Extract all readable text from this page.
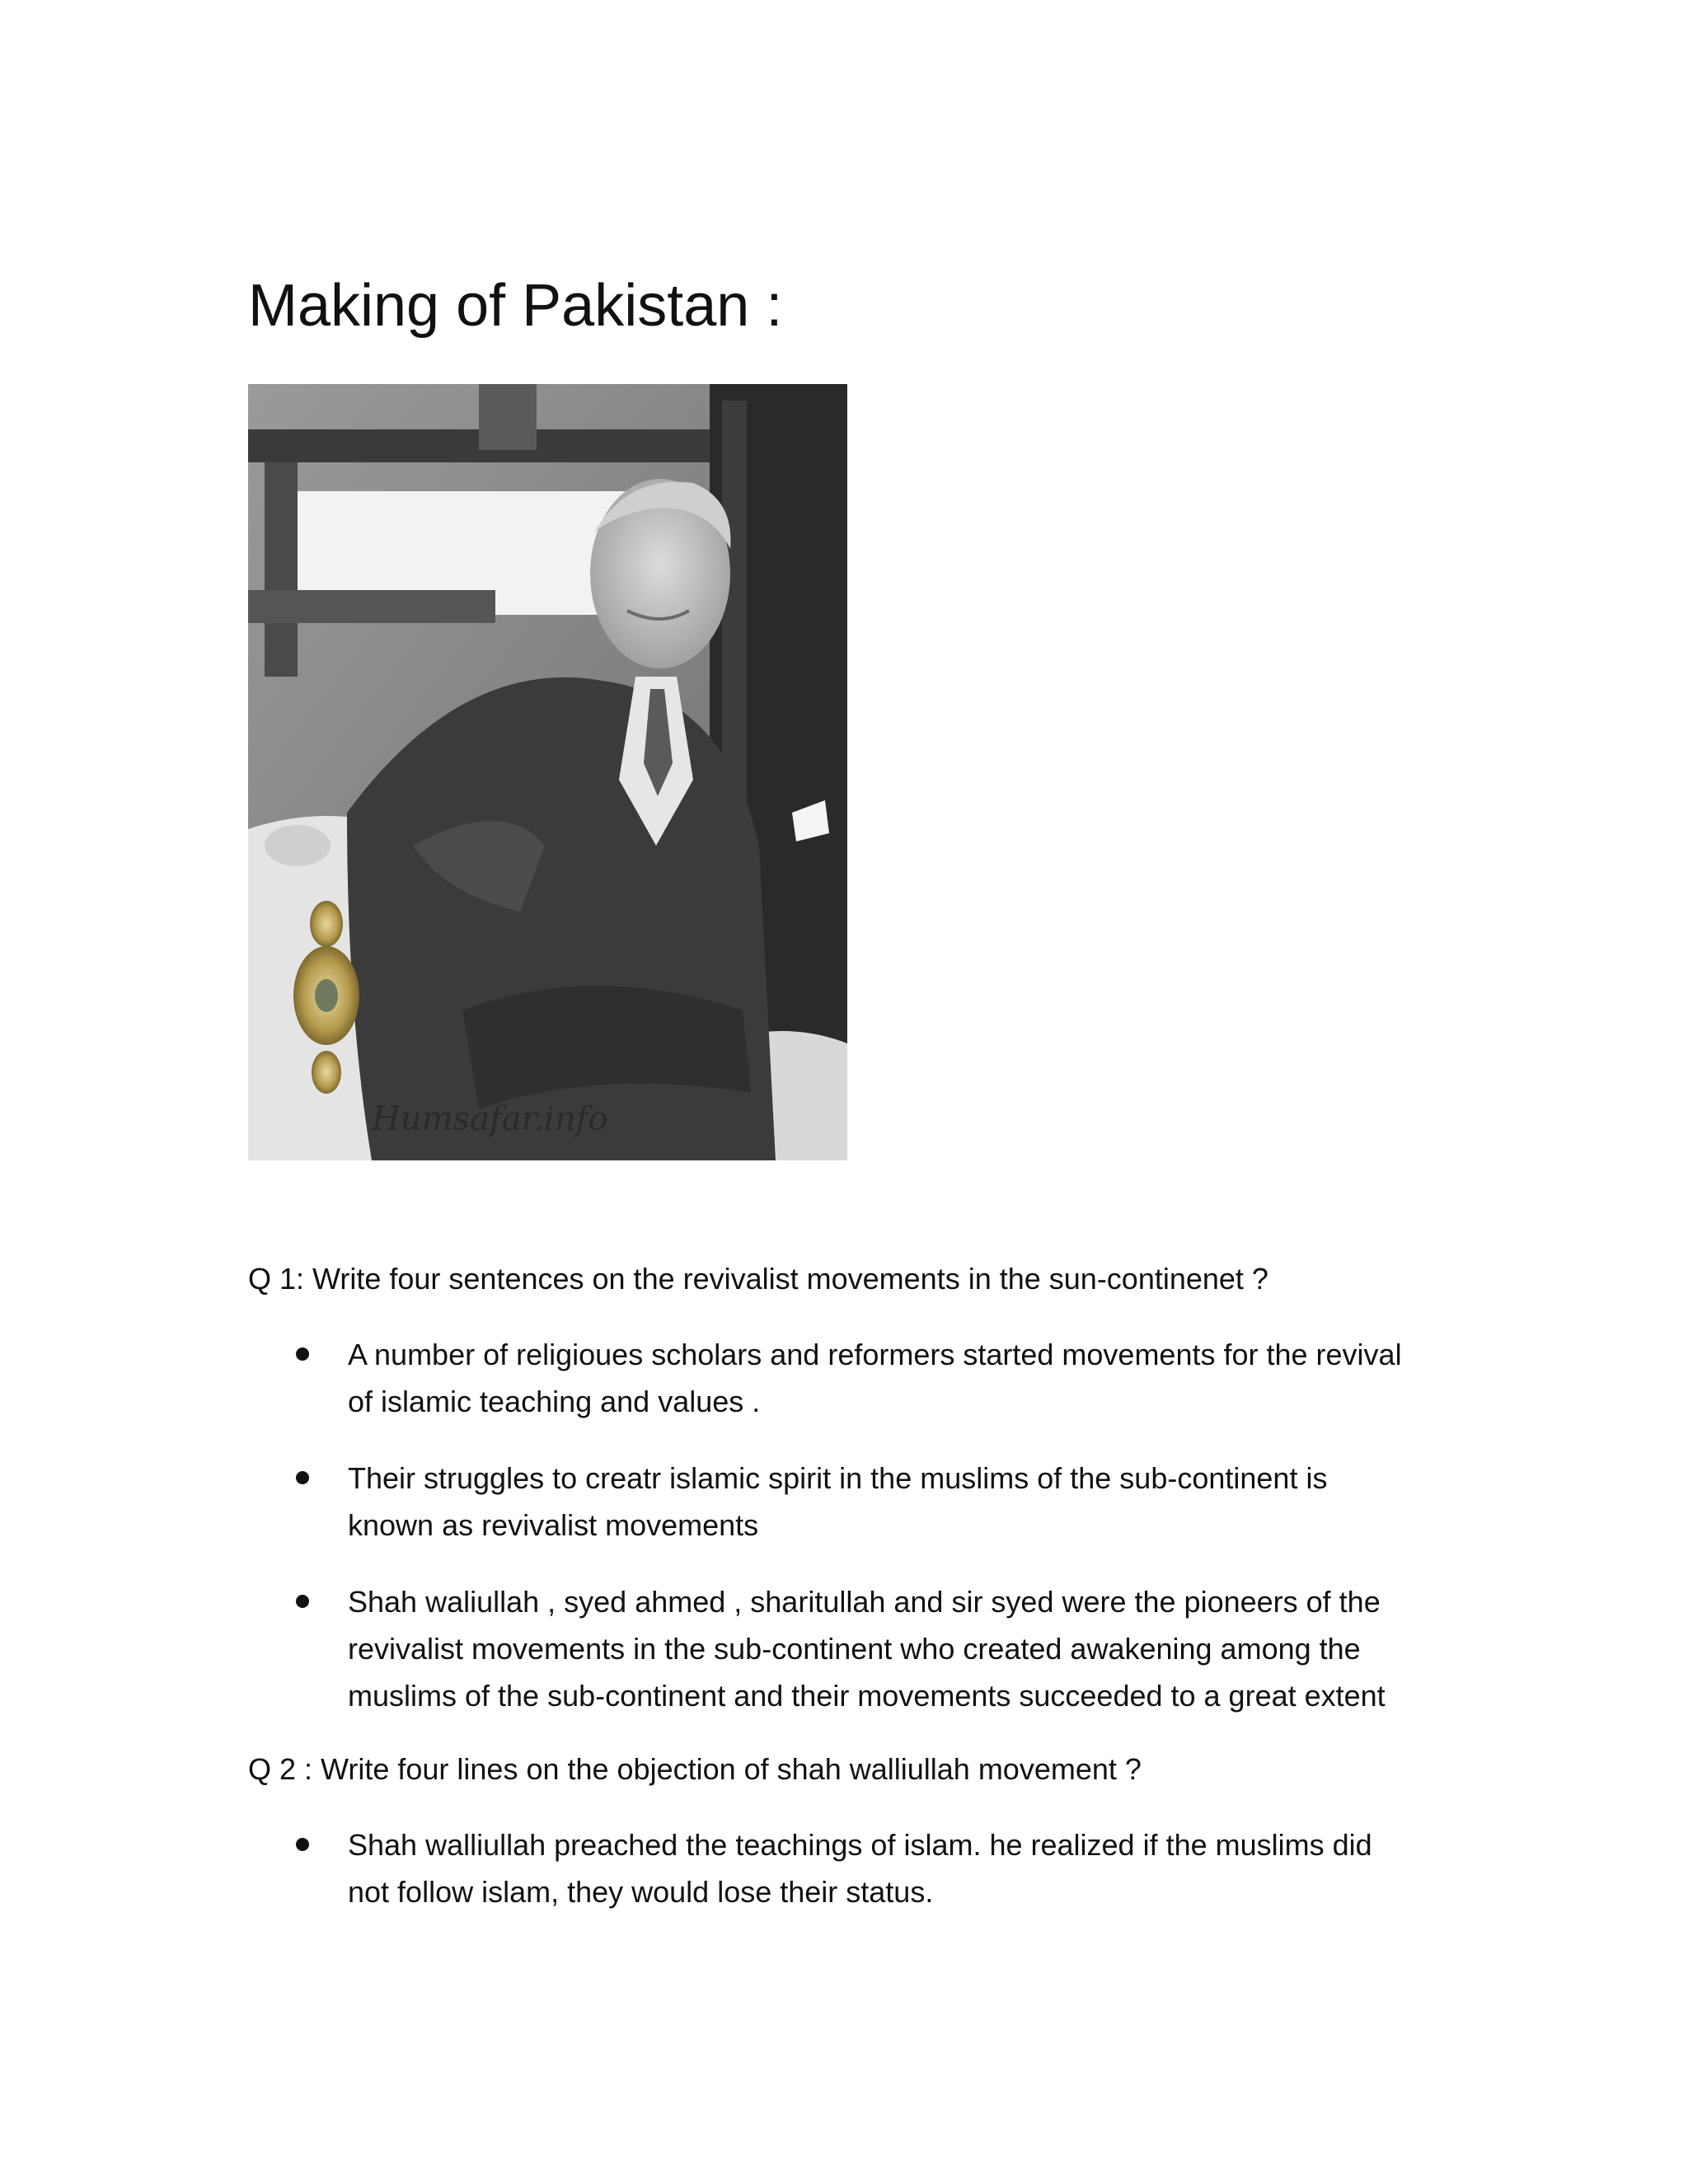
Making of Pakistan :
Humsafar.info

Q 1: Write four sentences on the revivalist movements in the sun-continenet ?

A number of religioues scholars and reformers started movements for the revival
of islamic teaching and values .
Their struggles to creatr islamic spirit in the muslims of the sub-continent is
known as revivalist movements
Shah waliullah , syed ahmed , sharitullah and sir syed were the pioneers of the
revivalist movements in the sub-continent who created awakening among the
muslims of the sub-continent and their movements succeeded to a great extent

Q 2 : Write four lines on the objection of shah walliullah movement ?

Shah walliullah preached the teachings of islam. he realized if the muslims did
not follow islam, they would lose their status.
